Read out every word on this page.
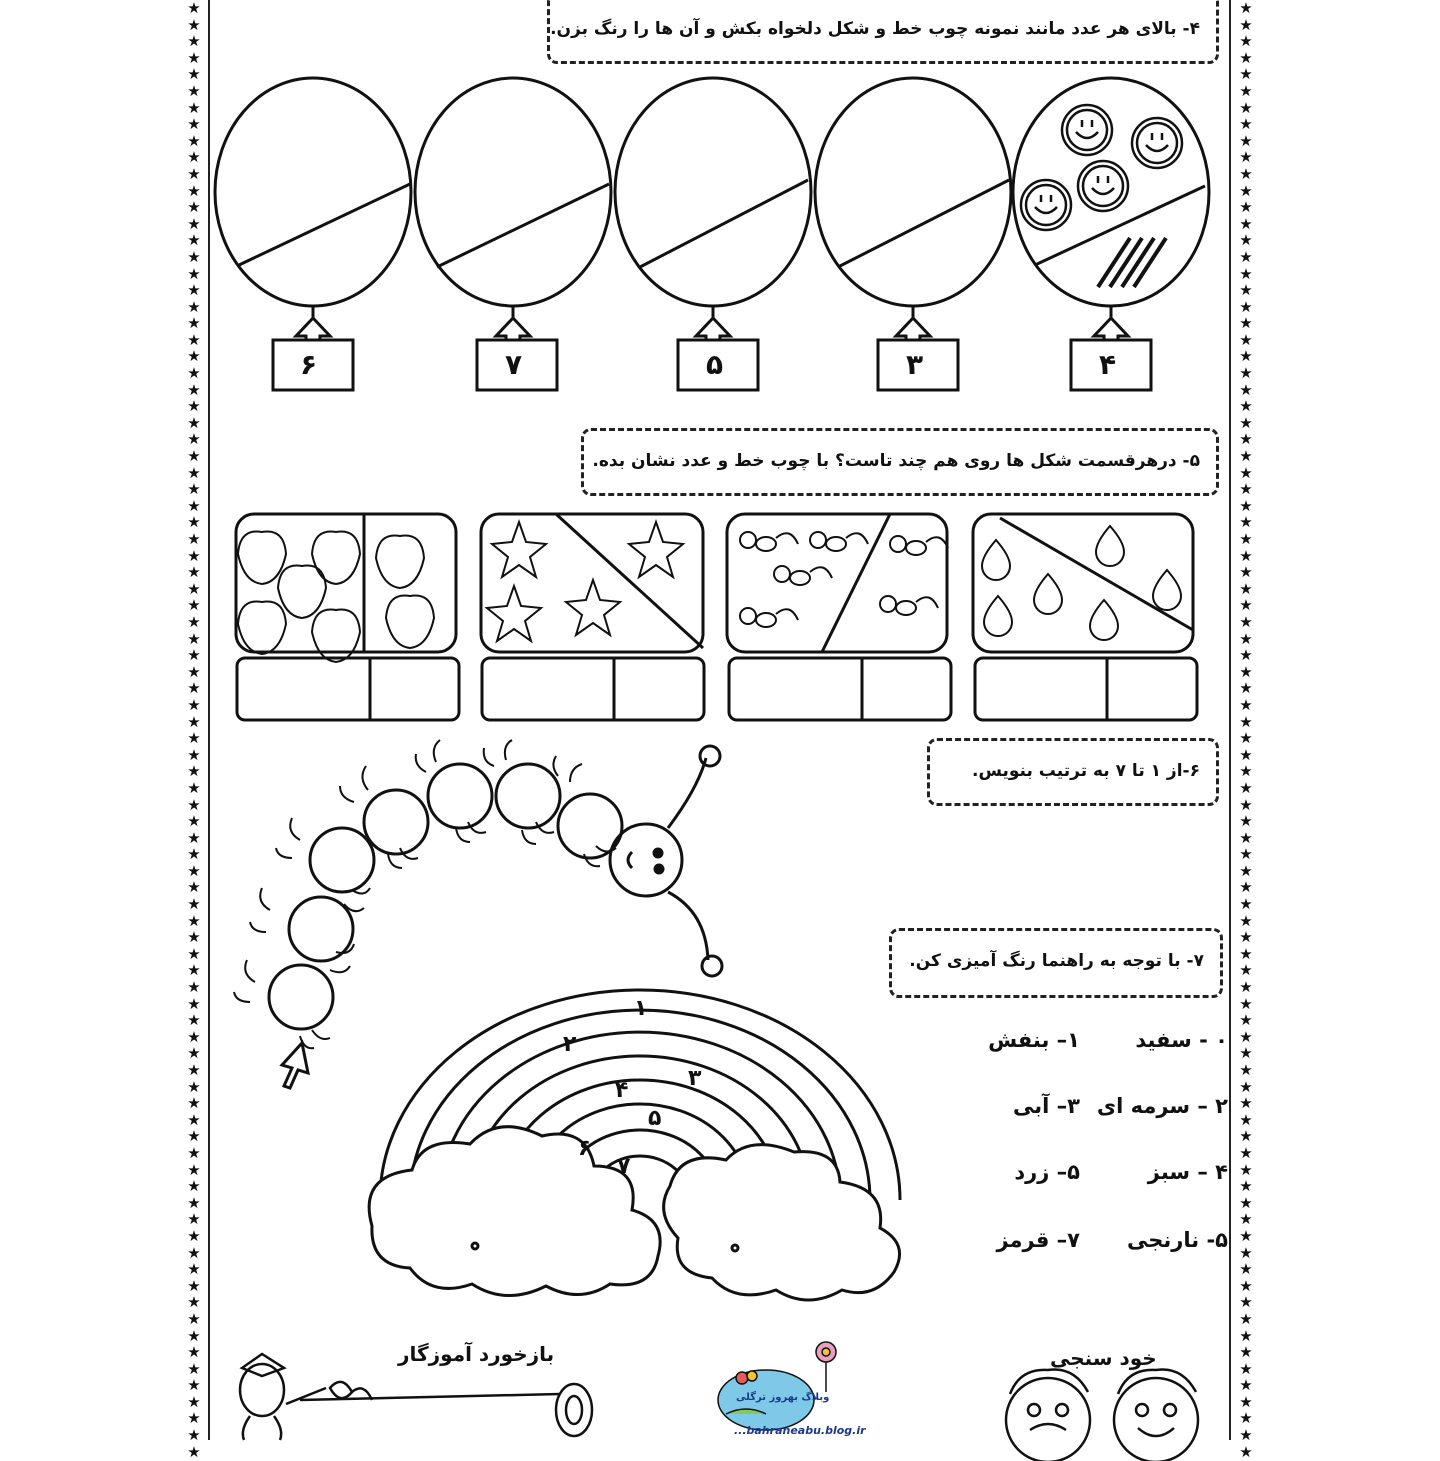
★
★
★
★
★
★
★
★
★
★
★
★
★
★
★
★
★
★
★
★
★
★
★
★
★
★
★
★
★
★
★
★
★
★
★
★
★
★
★
★
★
★
★
★
★
★
★
★
★
★
★
★
★
★
★
★
★
★
★
★
★
★
★
★
★
★
★
★
★
★
★
★
★
★
★
★
★
★
★
★
★
★
★
★
★
★
★
★

★
★
★
★
★
★
★
★
★
★
★
★
★
★
★
★
★
★
★
★
★
★
★
★
★
★
★
★
★
★
★
★
★
★
★
★
★
★
★
★
★
★
★
★
★
★
★
★
★
★
★
★
★
★
★
★
★
★
★
★
★
★
★
★
★
★
★
★
★
★
★
★
★
★
★
★
★
★
★
★
★
★
★
★
★
★
★
★

۴- بالای هر عدد مانند نمونه چوب خط و شکل دلخواه بکش و آن ها را رنگ بزن.
۶	۷	۵	۳	۴
۵- درهرقسمت شکل ها روی هم چند تاست؟ با چوب خط و عدد نشان بده.
۶-از ۱ تا ۷ به ترتیب بنویس.
۷- با توجه به راهنما رنگ آمیزی کن.
۱
۲
۳
۴
۵
۶
۷
۰ - سفید
۱– بنفش
۲ – سرمه ای
۳– آبی
۴ – سبز
۵– زرد
۵- نارنجی
۷– قرمز
بازخورد آموزگار	خود سنجی
وبلاگ بهروز ترگلی
...bahraneabu.blog.ir
